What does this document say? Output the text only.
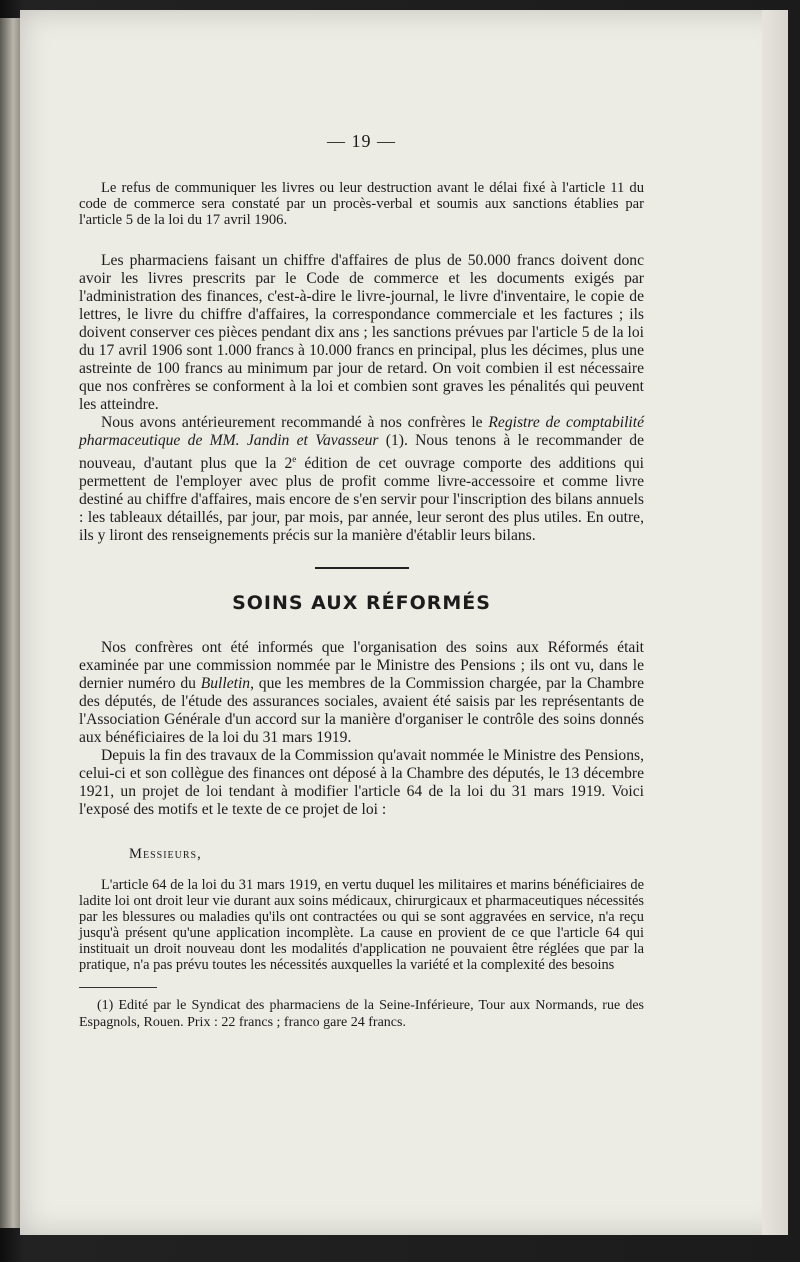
— 19 —

Le refus de communiquer les livres ou leur destruction avant le délai fixé à l'article 11 du code de commerce sera constaté par un procès-verbal et soumis aux sanctions établies par l'article 5 de la loi du 17 avril 1906.

Les pharmaciens faisant un chiffre d'affaires de plus de 50.000 francs doivent donc avoir les livres prescrits par le Code de commerce et les documents exigés par l'administration des finances, c'est-à-dire le livre-journal, le livre d'inventaire, le copie de lettres, le livre du chiffre d'affaires, la correspondance commerciale et les factures ; ils doivent conserver ces pièces pendant dix ans ; les sanctions prévues par l'article 5 de la loi du 17 avril 1906 sont 1.000 francs à 10.000 francs en principal, plus les décimes, plus une astreinte de 100 francs au minimum par jour de retard. On voit combien il est nécessaire que nos confrères se conforment à la loi et combien sont graves les pénalités qui peuvent les atteindre.

Nous avons antérieurement recommandé à nos confrères le Registre de comptabilité pharmaceutique de MM. Jandin et Vavasseur (1). Nous tenons à le recommander de nouveau, d'autant plus que la 2e édition de cet ouvrage comporte des additions qui permettent de l'employer avec plus de profit comme livre-accessoire et comme livre destiné au chiffre d'affaires, mais encore de s'en servir pour l'inscription des bilans annuels : les tableaux détaillés, par jour, par mois, par année, leur seront des plus utiles. En outre, ils y liront des renseignements précis sur la manière d'établir leurs bilans.

SOINS AUX RÉFORMÉS

Nos confrères ont été informés que l'organisation des soins aux Réformés était examinée par une commission nommée par le Ministre des Pensions ; ils ont vu, dans le dernier numéro du Bulletin, que les membres de la Commission chargée, par la Chambre des députés, de l'étude des assurances sociales, avaient été saisis par les représentants de l'Association Générale d'un accord sur la manière d'organiser le contrôle des soins donnés aux bénéficiaires de la loi du 31 mars 1919.

Depuis la fin des travaux de la Commission qu'avait nommée le Ministre des Pensions, celui-ci et son collègue des finances ont déposé à la Chambre des députés, le 13 décembre 1921, un projet de loi tendant à modifier l'article 64 de la loi du 31 mars 1919. Voici l'exposé des motifs et le texte de ce projet de loi :

Messieurs,

L'article 64 de la loi du 31 mars 1919, en vertu duquel les militaires et marins bénéficiaires de ladite loi ont droit leur vie durant aux soins médicaux, chirurgicaux et pharmaceutiques nécessités par les blessures ou maladies qu'ils ont contractées ou qui se sont aggravées en service, n'a reçu jusqu'à présent qu'une application incomplète. La cause en provient de ce que l'article 64 qui instituait un droit nouveau dont les modalités d'application ne pouvaient être réglées que par la pratique, n'a pas prévu toutes les nécessités auxquelles la variété et la complexité des besoins

(1) Edité par le Syndicat des pharmaciens de la Seine-Inférieure, Tour aux Normands, rue des Espagnols, Rouen. Prix : 22 francs ; franco gare 24 francs.
